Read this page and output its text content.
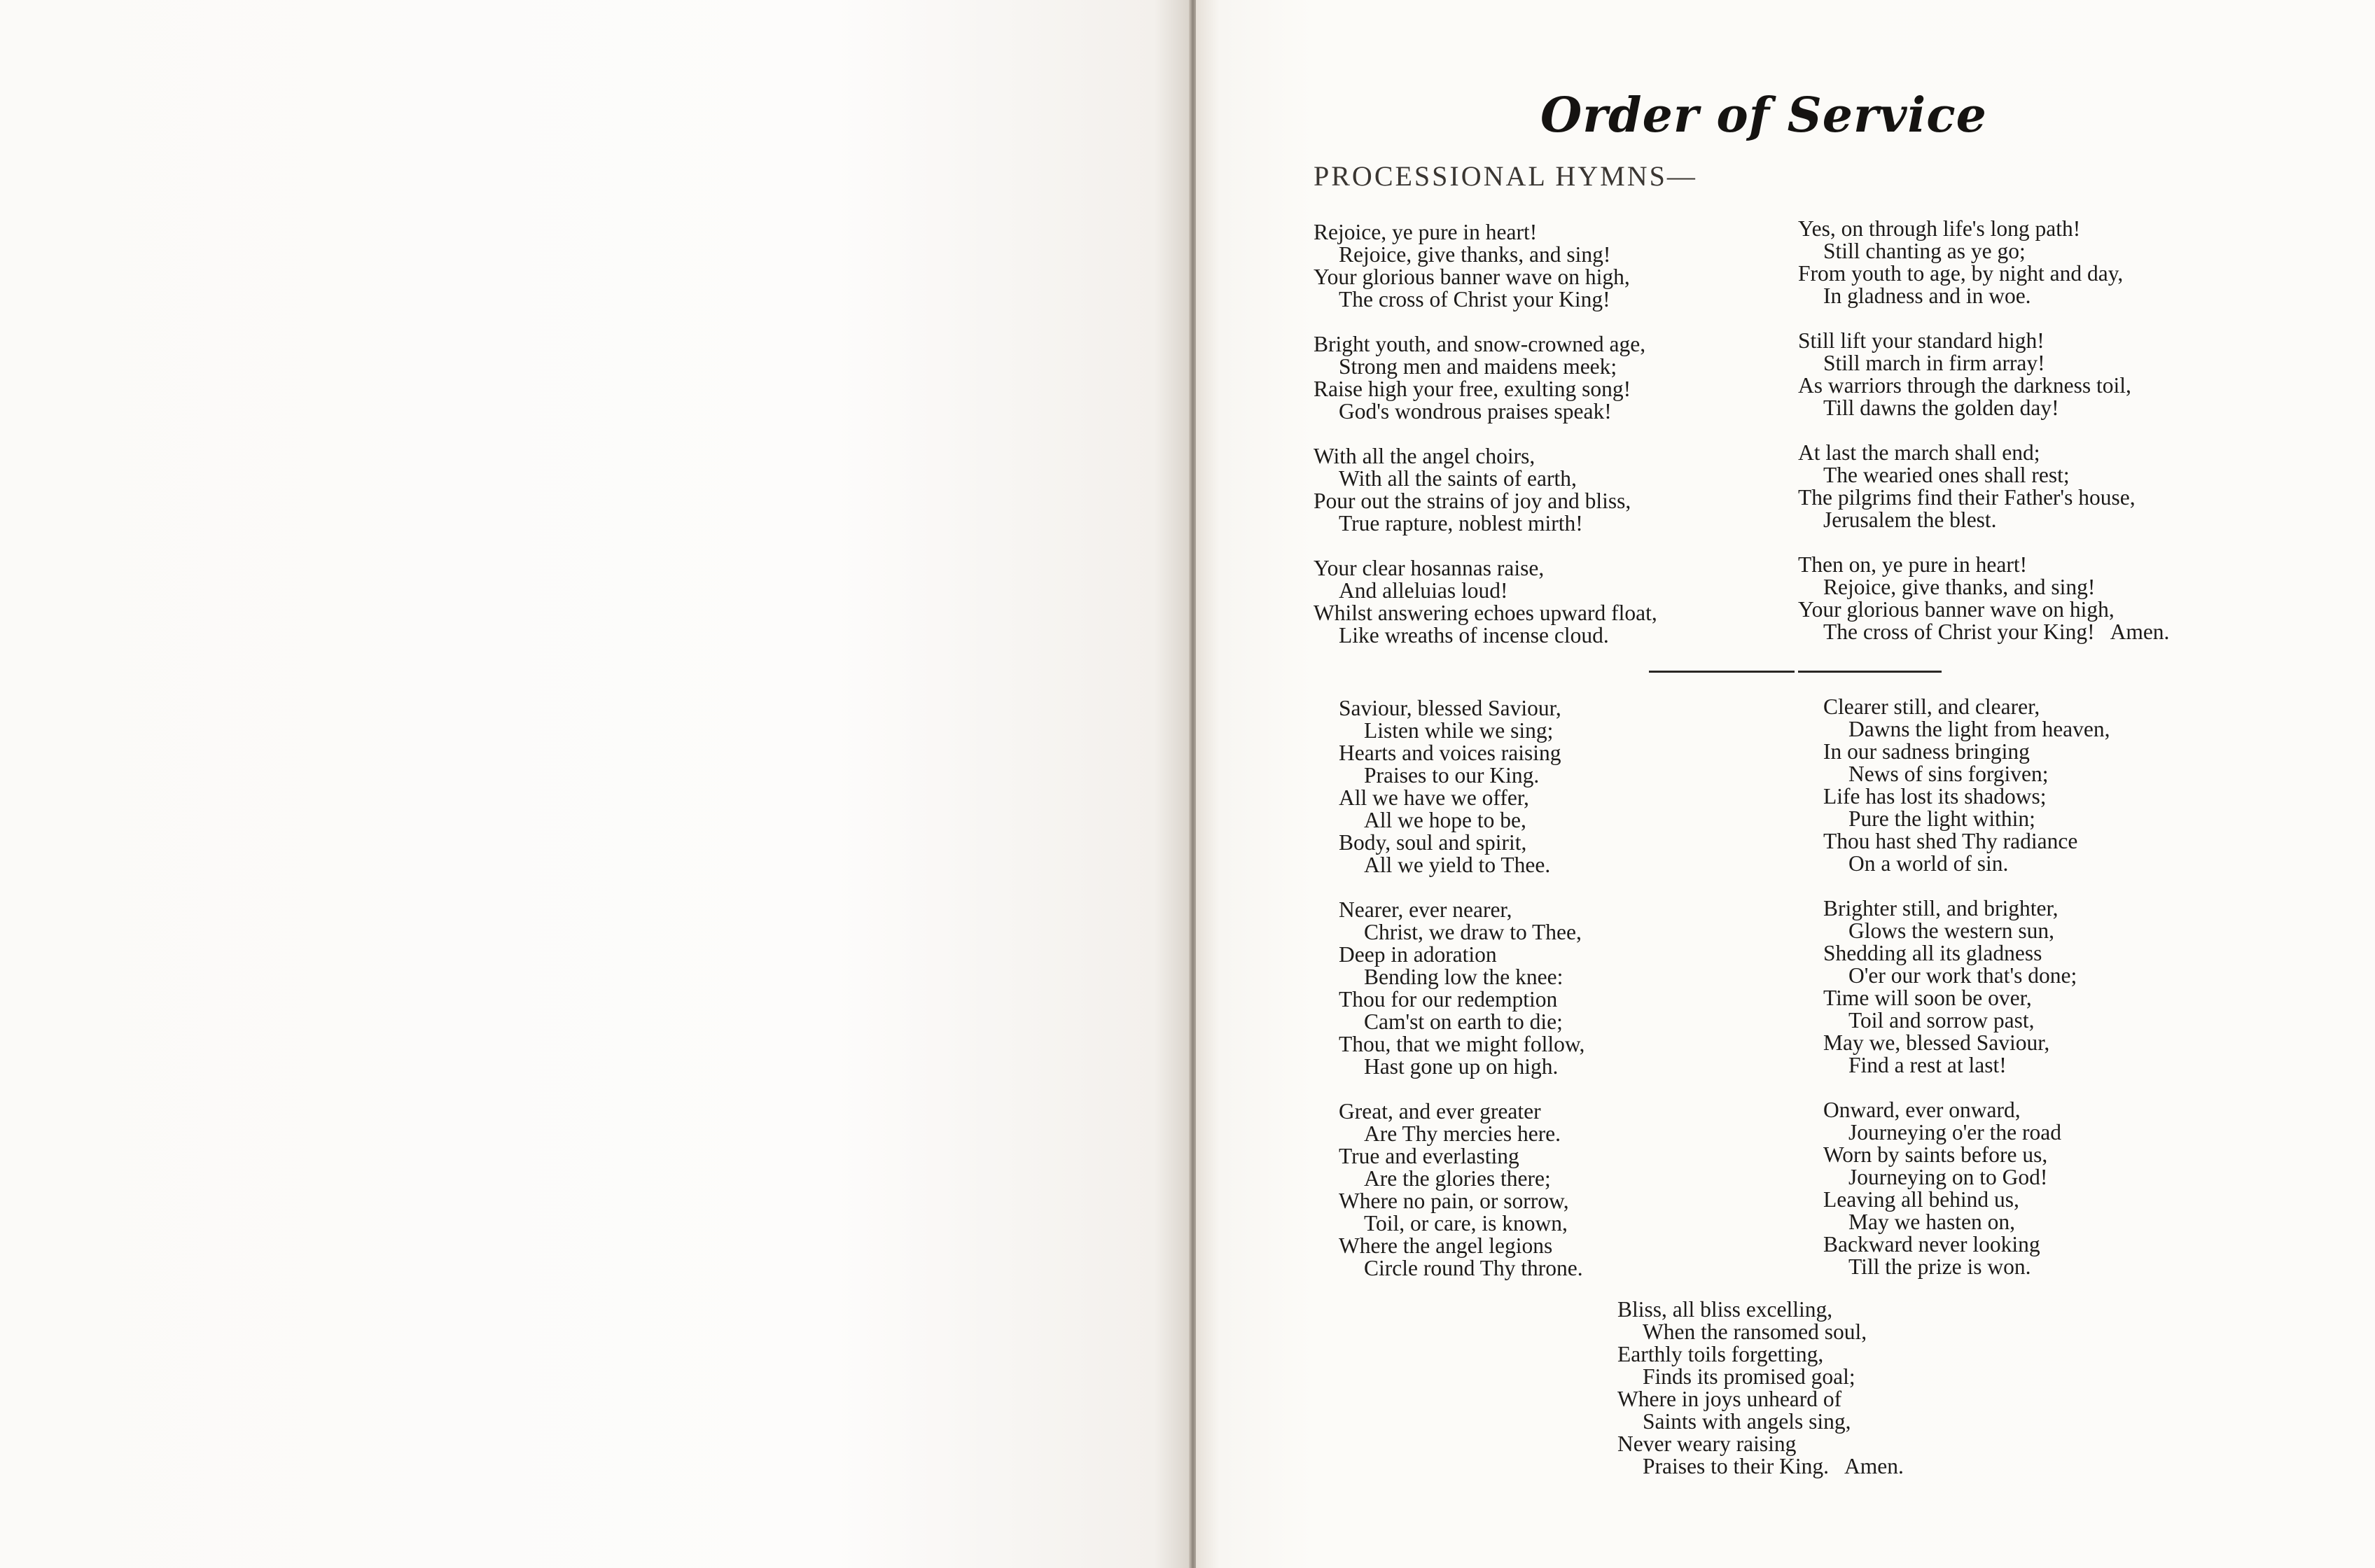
Order of Service
PROCESSIONAL HYMNS—
Rejoice, ye pure in heart!
Rejoice, give thanks, and sing!
Your glorious banner wave on high,
The cross of Christ your King!
Bright youth, and snow-crowned age,
Strong men and maidens meek;
Raise high your free, exulting song!
God's wondrous praises speak!
With all the angel choirs,
With all the saints of earth,
Pour out the strains of joy and bliss,
True rapture, noblest mirth!
Your clear hosannas raise,
And alleluias loud!
Whilst answering echoes upward float,
Like wreaths of incense cloud.
Yes, on through life's long path!
Still chanting as ye go;
From youth to age, by night and day,
In gladness and in woe.
Still lift your standard high!
Still march in firm array!
As warriors through the darkness toil,
Till dawns the golden day!
At last the march shall end;
The wearied ones shall rest;
The pilgrims find their Father's house,
Jerusalem the blest.
Then on, ye pure in heart!
Rejoice, give thanks, and sing!
Your glorious banner wave on high,
The cross of Christ your King! Amen.
Saviour, blessed Saviour,
Listen while we sing;
Hearts and voices raising
Praises to our King.
All we have we offer,
All we hope to be,
Body, soul and spirit,
All we yield to Thee.
Nearer, ever nearer,
Christ, we draw to Thee,
Deep in adoration
Bending low the knee:
Thou for our redemption
Cam'st on earth to die;
Thou, that we might follow,
Hast gone up on high.
Great, and ever greater
Are Thy mercies here.
True and everlasting
Are the glories there;
Where no pain, or sorrow,
Toil, or care, is known,
Where the angel legions
Circle round Thy throne.
Clearer still, and clearer,
Dawns the light from heaven,
In our sadness bringing
News of sins forgiven;
Life has lost its shadows;
Pure the light within;
Thou hast shed Thy radiance
On a world of sin.
Brighter still, and brighter,
Glows the western sun,
Shedding all its gladness
O'er our work that's done;
Time will soon be over,
Toil and sorrow past,
May we, blessed Saviour,
Find a rest at last!
Onward, ever onward,
Journeying o'er the road
Worn by saints before us,
Journeying on to God!
Leaving all behind us,
May we hasten on,
Backward never looking
Till the prize is won.
Bliss, all bliss excelling,
When the ransomed soul,
Earthly toils forgetting,
Finds its promised goal;
Where in joys unheard of
Saints with angels sing,
Never weary raising
Praises to their King. Amen.
